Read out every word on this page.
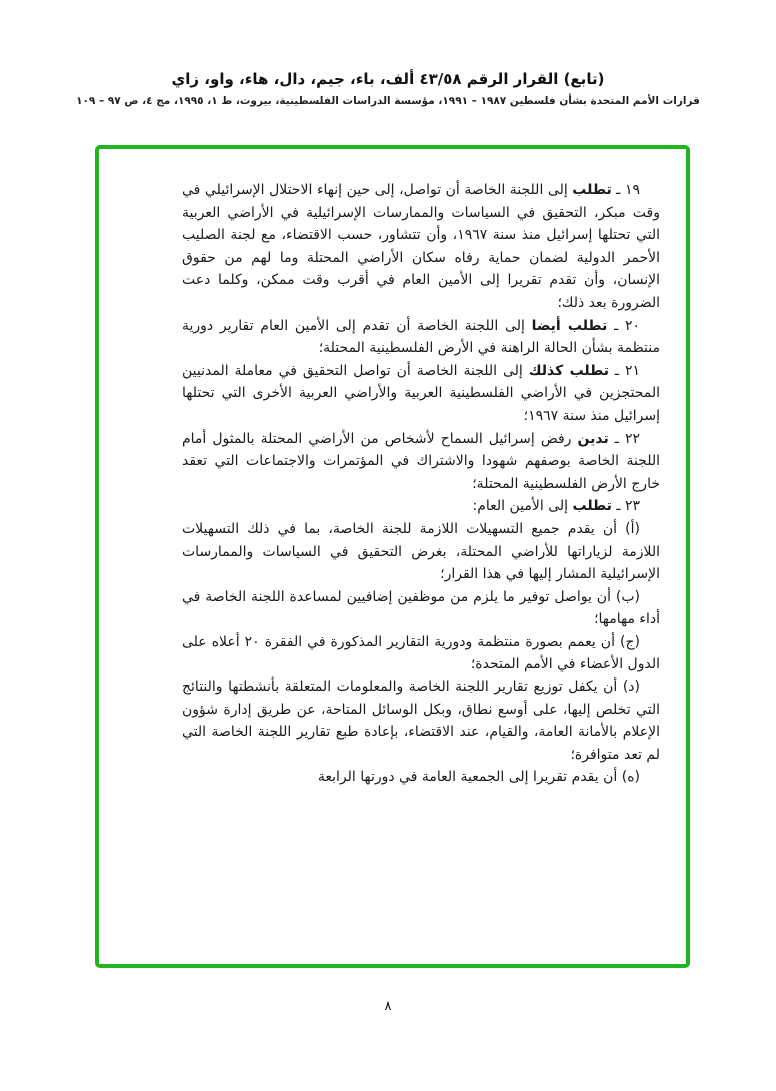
(تابع) القرار الرقم ٤٣/٥٨ ألف، باء، جيم، دال، هاء، واو، زاي
قرارات الأمم المتحدة بشأن فلسطين ١٩٨٧ – ١٩٩١، مؤسسة الدراسات الفلسطينية، بيروت، ط ١، ١٩٩٥، مج ٤، ص ٩٧ – ١٠٩

١٩ ـ تطلب إلى اللجنة الخاصة أن تواصل، إلى حين إنهاء الاحتلال الإسرائيلي في وقت مبكر، التحقيق في السياسات والممارسات الإسرائيلية في الأراضي العربية التي تحتلها إسرائيل منذ سنة ١٩٦٧، وأن تتشاور، حسب الاقتضاء، مع لجنة الصليب الأحمر الدولية لضمان حماية رفاه سكان الأراضي المحتلة وما لهم من حقوق الإنسان، وأن تقدم تقريرا إلى الأمين العام في أقرب وقت ممكن، وكلما دعت الضرورة بعد ذلك؛

٢٠ ـ تطلب أيضا إلى اللجنة الخاصة أن تقدم إلى الأمين العام تقارير دورية منتظمة بشأن الحالة الراهنة في الأرض الفلسطينية المحتلة؛

٢١ ـ تطلب كذلك إلى اللجنة الخاصة أن تواصل التحقيق في معاملة المدنيين المحتجزين في الأراضي الفلسطينية العربية والأراضي العربية الأخرى التي تحتلها إسرائيل منذ سنة ١٩٦٧؛

٢٢ ـ تدين رفض إسرائيل السماح لأشخاص من الأراضي المحتلة بالمثول أمام اللجنة الخاصة بوصفهم شهودا والاشتراك في المؤتمرات والاجتماعات التي تعقد خارج الأرض الفلسطينية المحتلة؛

٢٣ ـ تطلب إلى الأمين العام:

(أ) أن يقدم جميع التسهيلات اللازمة للجنة الخاصة، بما في ذلك التسهيلات اللازمة لزياراتها للأراضي المحتلة، بغرض التحقيق في السياسات والممارسات الإسرائيلية المشار إليها في هذا القرار؛

(ب) أن يواصل توفير ما يلزم من موظفين إضافيين لمساعدة اللجنة الخاصة في أداء مهامها؛

(ج) أن يعمم بصورة منتظمة ودورية التقارير المذكورة في الفقرة ٢٠ أعلاه على الدول الأعضاء في الأمم المتحدة؛

(د) أن يكفل توزيع تقارير اللجنة الخاصة والمعلومات المتعلقة بأنشطتها والنتائج التي تخلص إليها، على أوسع نطاق، وبكل الوسائل المتاحة، عن طريق إدارة شؤون الإعلام بالأمانة العامة، والقيام، عند الاقتضاء، بإعادة طبع تقارير اللجنة الخاصة التي لم تعد متوافرة؛

(ه) أن يقدم تقريرا إلى الجمعية العامة في دورتها الرابعة

٨
